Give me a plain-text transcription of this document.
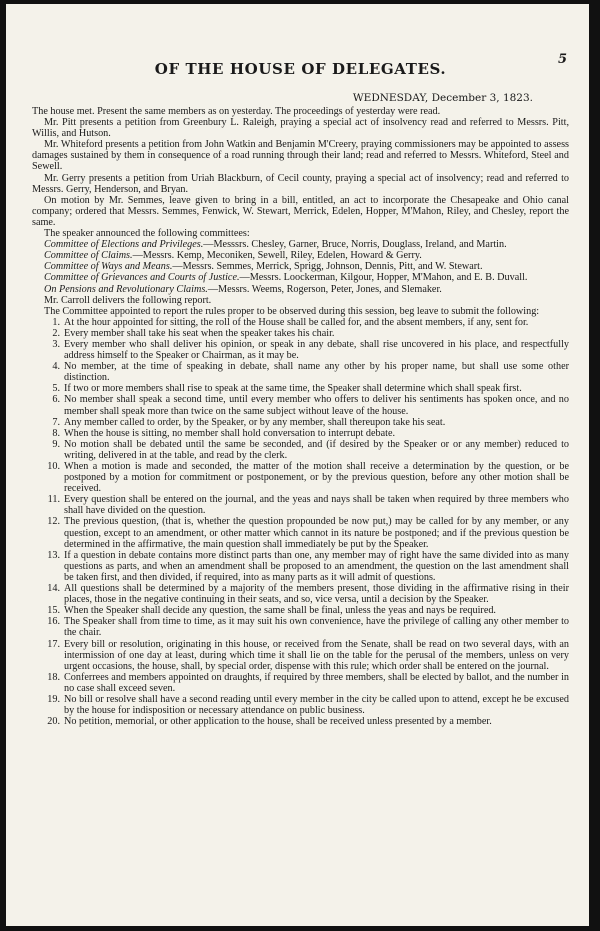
5
OF THE HOUSE OF DELEGATES.
WEDNESDAY, December 3, 1823.

The house met. Present the same members as on yesterday. The proceedings of yesterday were read.

Mr. Pitt presents a petition from Greenbury L. Raleigh, praying a special act of insolvency read and referred to Messrs. Pitt, Willis, and Hutson.

Mr. Whiteford presents a petition from John Watkin and Benjamin M'Creery, praying commissioners may be appointed to assess damages sustained by them in consequence of a road running through their land; read and referred to Messrs. Whiteford, Steel and Sewell.

Mr. Gerry presents a petition from Uriah Blackburn, of Cecil county, praying a special act of insolvency; read and referred to Messrs. Gerry, Henderson, and Bryan.

On motion by Mr. Semmes, leave given to bring in a bill, entitled, an act to incorporate the Chesapeake and Ohio canal company; ordered that Messrs. Semmes, Fenwick, W. Stewart, Merrick, Edelen, Hopper, M'Mahon, Riley, and Chesley, report the same.

The speaker announced the following committees:

Committee of Elections and Privileges.—Messsrs. Chesley, Garner, Bruce, Norris, Douglass, Ireland, and Martin.

Committee of Claims.—Messrs. Kemp, Meconiken, Sewell, Riley, Edelen, Howard & Gerry.

Committee of Ways and Means.—Messrs. Semmes, Merrick, Sprigg, Johnson, Dennis, Pitt, and W. Stewart.

Committee of Grievances and Courts of Justice.—Messrs. Loockerman, Kilgour, Hopper, M'Mahon, and E. B. Duvall.

On Pensions and Revolutionary Claims.—Messrs. Weems, Rogerson, Peter, Jones, and Slemaker.

Mr. Carroll delivers the following report.

The Committee appointed to report the rules proper to be observed during this session, beg leave to submit the following:

1. At the hour appointed for sitting, the roll of the House shall be called for, and the absent members, if any, sent for.
2. Every member shall take his seat when the speaker takes his chair.
3. Every member who shall deliver his opinion, or speak in any debate, shall rise uncovered in his place, and respectfully address himself to the Speaker or Chairman, as it may be.
4. No member, at the time of speaking in debate, shall name any other by his proper name, but shall use some other distinction.
5. If two or more members shall rise to speak at the same time, the Speaker shall determine which shall speak first.
6. No member shall speak a second time, until every member who offers to deliver his sentiments has spoken once, and no member shall speak more than twice on the same subject without leave of the house.
7. Any member called to order, by the Speaker, or by any member, shall thereupon take his seat.
8. When the house is sitting, no member shall hold conversation to interrupt debate.
9. No motion shall be debated until the same be seconded, and (if desired by the Speaker or or any member) reduced to writing, delivered in at the table, and read by the clerk.
10. When a motion is made and seconded, the matter of the motion shall receive a determination by the question, or be postponed by a motion for commitment or postponement, or by the previous question, before any other motion shall be received.
11. Every question shall be entered on the journal, and the yeas and nays shall be taken when required by three members who shall have divided on the question.
12. The previous question, (that is, whether the question propounded be now put,) may be called for by any member, or any question, except to an amendment, or other matter which cannot in its nature be postponed; and if the previous question be determined in the affirmative, the main question shall immediately be put by the Speaker.
13. If a question in debate contains more distinct parts than one, any member may of right have the same divided into as many questions as parts, and when an amendment shall be proposed to an amendment, the question on the last amendment shall be taken first, and then divided, if required, into as many parts as it will admit of questions.
14. All questions shall be determined by a majority of the members present, those dividing in the affirmative rising in their places, those in the negative continuing in their seats, and so, vice versa, until a decision by the Speaker.
15. When the Speaker shall decide any question, the same shall be final, unless the yeas and nays be required.
16. The Speaker shall from time to time, as it may suit his own convenience, have the privilege of calling any other member to the chair.
17. Every bill or resolution, originating in this house, or received from the Senate, shall be read on two several days, with an intermission of one day at least, during which time it shall lie on the table for the perusal of the members, unless on very urgent occasions, the house, shall, by special order, dispense with this rule; which order shall be entered on the journal.
18. Conferrees and members appointed on draughts, if required by three members, shall be elected by ballot, and the number in no case shall exceed seven.
19. No bill or resolve shall have a second reading until every member in the city be called upon to attend, except he be excused by the house for indisposition or necessary attendance on public business.
20. No petition, memorial, or other application to the house, shall be received unless presented by a member.
